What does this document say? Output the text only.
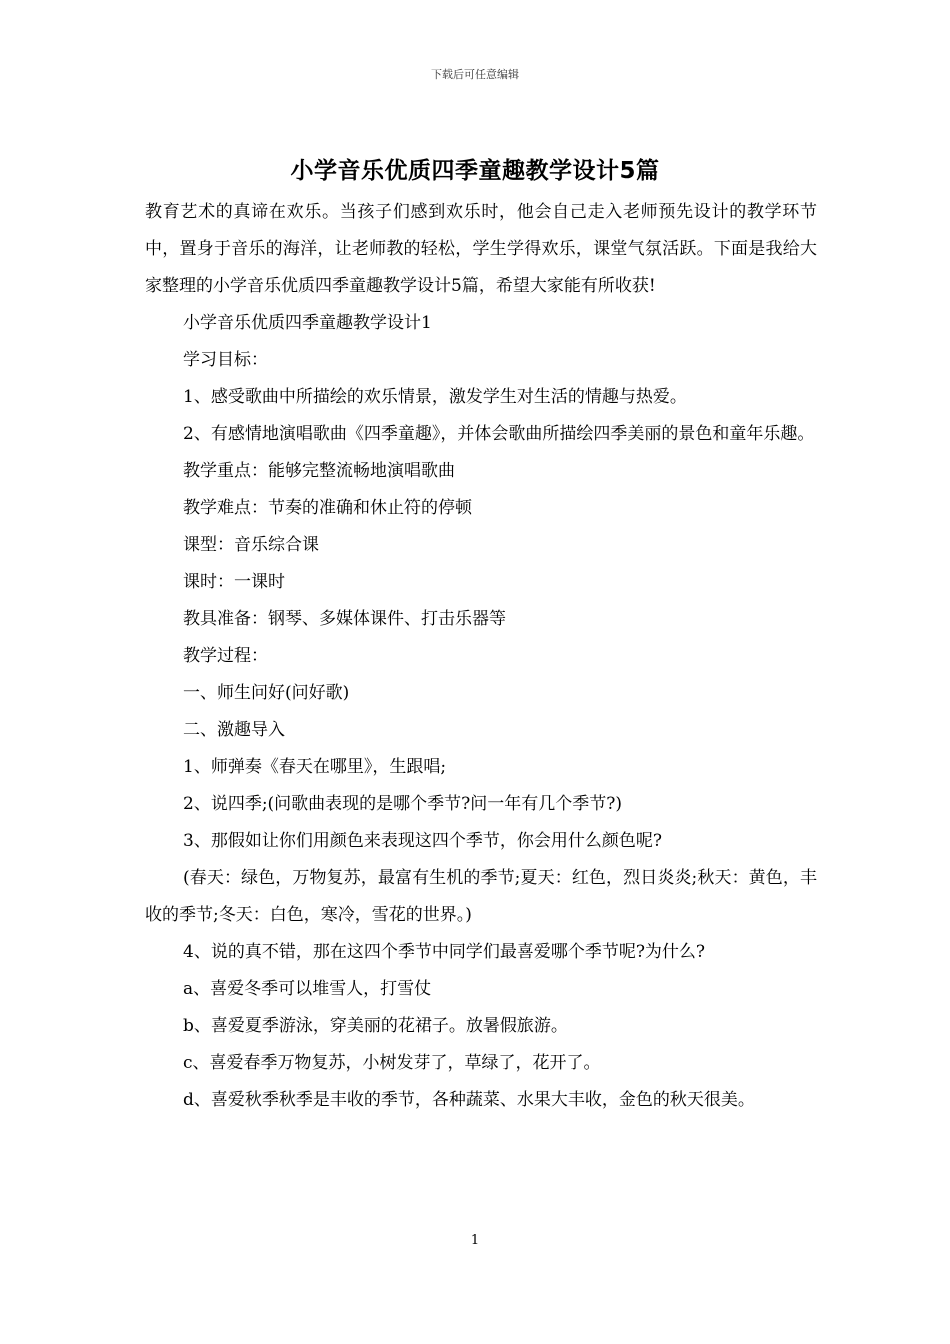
下载后可任意编辑
小学音乐优质四季童趣教学设计5篇

教育艺术的真谛在欢乐。当孩子们感到欢乐时，他会自己走入老师预先设计的教学环节中，置身于音乐的海洋，让老师教的轻松，学生学得欢乐，课堂气氛活跃。下面是我给大家整理的小学音乐优质四季童趣教学设计5篇，希望大家能有所收获!

小学音乐优质四季童趣教学设计1

学习目标：

1、感受歌曲中所描绘的欢乐情景，激发学生对生活的情趣与热爱。

2、有感情地演唱歌曲《四季童趣》，并体会歌曲所描绘四季美丽的景色和童年乐趣。

教学重点：能够完整流畅地演唱歌曲

教学难点：节奏的准确和休止符的停顿

课型：音乐综合课

课时：一课时

教具准备：钢琴、多媒体课件、打击乐器等

教学过程：

一、师生问好(问好歌)

二、激趣导入

1、师弹奏《春天在哪里》，生跟唱;

2、说四季;(问歌曲表现的是哪个季节?问一年有几个季节?)

3、那假如让你们用颜色来表现这四个季节，你会用什么颜色呢?

(春天：绿色，万物复苏，最富有生机的季节;夏天：红色，烈日炎炎;秋天：黄色，丰收的季节;冬天：白色，寒冷，雪花的世界。)

4、说的真不错，那在这四个季节中同学们最喜爱哪个季节呢?为什么?

a、喜爱冬季可以堆雪人，打雪仗

b、喜爱夏季游泳，穿美丽的花裙子。放暑假旅游。

c、喜爱春季万物复苏，小树发芽了，草绿了，花开了。

d、喜爱秋季秋季是丰收的季节，各种蔬菜、水果大丰收，金色的秋天很美。

1
